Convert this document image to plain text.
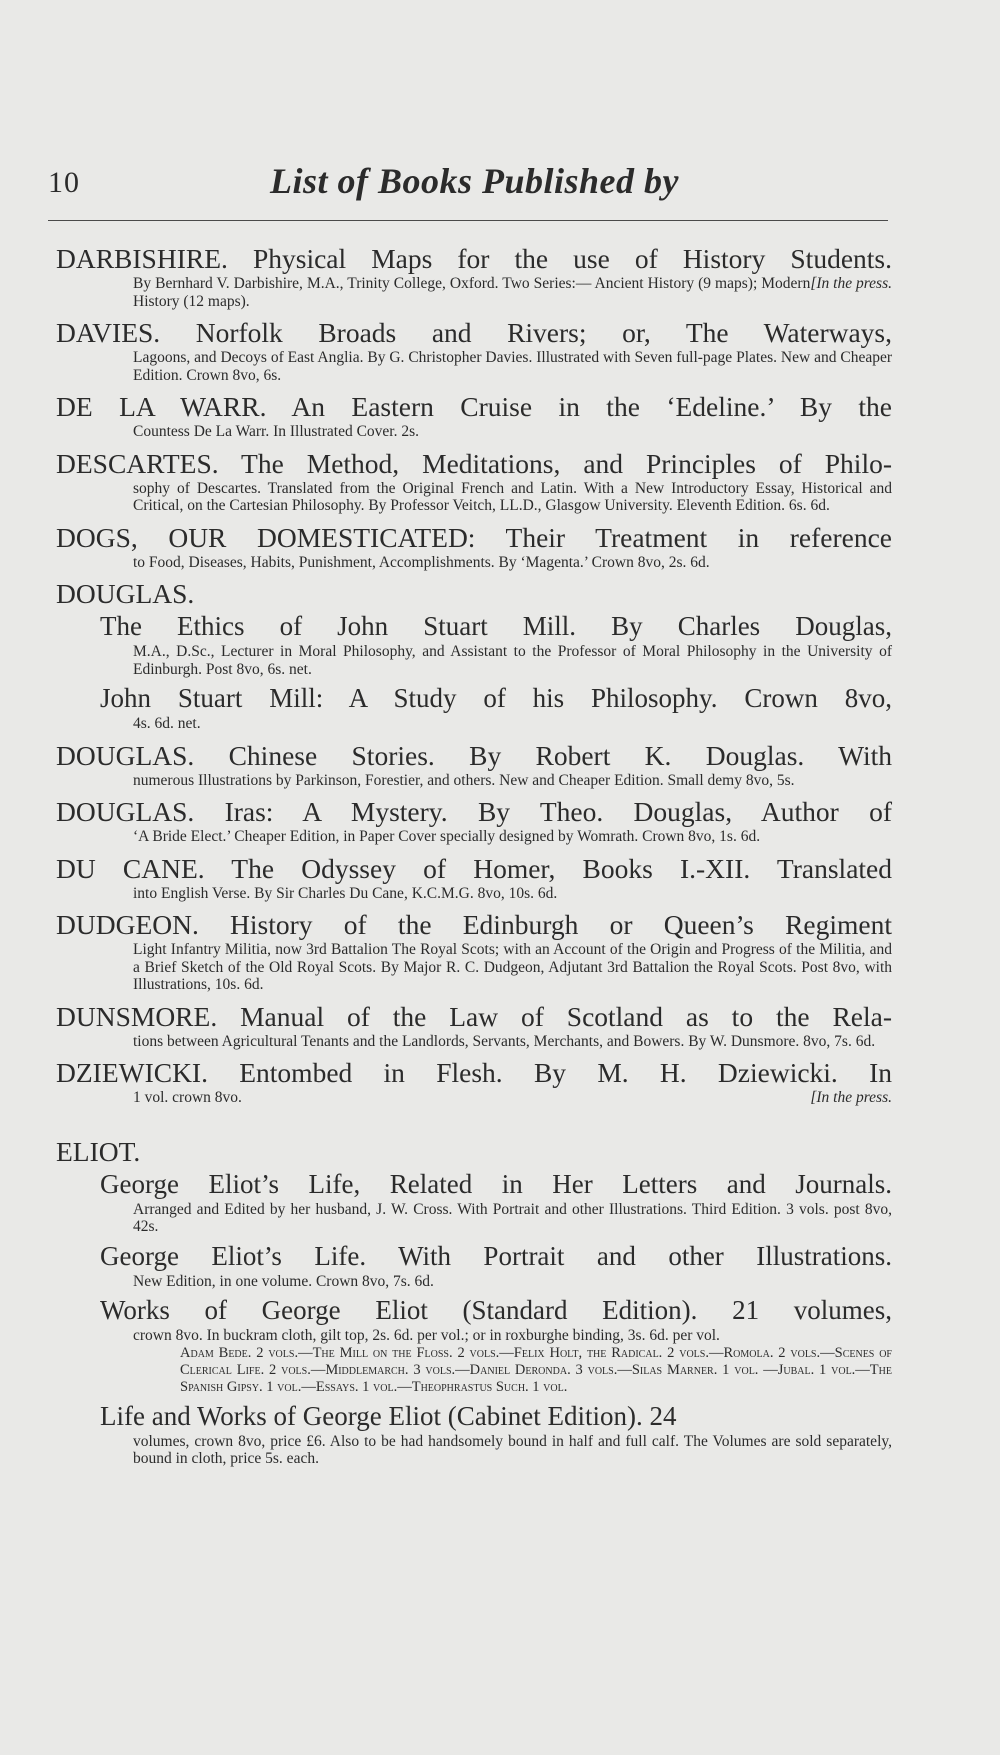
10	List of Books Published by
DARBISHIRE. Physical Maps for the use of History Students.
[In the press.
By Bernhard V. Darbishire, M.A., Trinity College, Oxford. Two Series:— Ancient History (9 maps); Modern History (12 maps).
DAVIES. Norfolk Broads and Rivers; or, The Waterways,
Lagoons, and Decoys of East Anglia. By G. Christopher Davies. Illustrated with Seven full-page Plates. New and Cheaper Edition. Crown 8vo, 6s.
DE LA WARR. An Eastern Cruise in the ‘Edeline.’ By the
Countess De La Warr. In Illustrated Cover. 2s.
DESCARTES. The Method, Meditations, and Principles of Philo-
sophy of Descartes. Translated from the Original French and Latin. With a New Introductory Essay, Historical and Critical, on the Cartesian Philosophy. By Professor Veitch, LL.D., Glasgow University. Eleventh Edition. 6s. 6d.
DOGS, OUR DOMESTICATED: Their Treatment in reference
to Food, Diseases, Habits, Punishment, Accomplishments. By ‘Magenta.’ Crown 8vo, 2s. 6d.
DOUGLAS.
The Ethics of John Stuart Mill. By Charles Douglas,
M.A., D.Sc., Lecturer in Moral Philosophy, and Assistant to the Professor of Moral Philosophy in the University of Edinburgh. Post 8vo, 6s. net.
John Stuart Mill: A Study of his Philosophy. Crown 8vo,
4s. 6d. net.
DOUGLAS. Chinese Stories. By Robert K. Douglas. With
numerous Illustrations by Parkinson, Forestier, and others. New and Cheaper Edition. Small demy 8vo, 5s.
DOUGLAS. Iras: A Mystery. By Theo. Douglas, Author of
‘A Bride Elect.’ Cheaper Edition, in Paper Cover specially designed by Womrath. Crown 8vo, 1s. 6d.
DU CANE. The Odyssey of Homer, Books I.-XII. Translated
into English Verse. By Sir Charles Du Cane, K.C.M.G. 8vo, 10s. 6d.
DUDGEON. History of the Edinburgh or Queen’s Regiment
Light Infantry Militia, now 3rd Battalion The Royal Scots; with an Account of the Origin and Progress of the Militia, and a Brief Sketch of the Old Royal Scots. By Major R. C. Dudgeon, Adjutant 3rd Battalion the Royal Scots. Post 8vo, with Illustrations, 10s. 6d.
DUNSMORE. Manual of the Law of Scotland as to the Rela-
tions between Agricultural Tenants and the Landlords, Servants, Merchants, and Bowers. By W. Dunsmore. 8vo, 7s. 6d.
DZIEWICKI. Entombed in Flesh. By M. H. Dziewicki. In
[In the press.
1 vol. crown 8vo.
ELIOT.
George Eliot’s Life, Related in Her Letters and Journals.
Arranged and Edited by her husband, J. W. Cross. With Portrait and other Illustrations. Third Edition. 3 vols. post 8vo, 42s.
George Eliot’s Life. With Portrait and other Illustrations.
New Edition, in one volume. Crown 8vo, 7s. 6d.
Works of George Eliot (Standard Edition). 21 volumes,
crown 8vo. In buckram cloth, gilt top, 2s. 6d. per vol.; or in roxburghe binding, 3s. 6d. per vol.
Adam Bede. 2 vols.—The Mill on the Floss. 2 vols.—Felix Holt, the Radical. 2 vols.—Romola. 2 vols.—Scenes of Clerical Life. 2 vols.—Middlemarch. 3 vols.—Daniel Deronda. 3 vols.—Silas Marner. 1 vol. —Jubal. 1 vol.—The Spanish Gipsy. 1 vol.—Essays. 1 vol.—Theophrastus Such. 1 vol.
Life and Works of George Eliot (Cabinet Edition). 24
volumes, crown 8vo, price £6. Also to be had handsomely bound in half and full calf. The Volumes are sold separately, bound in cloth, price 5s. each.
